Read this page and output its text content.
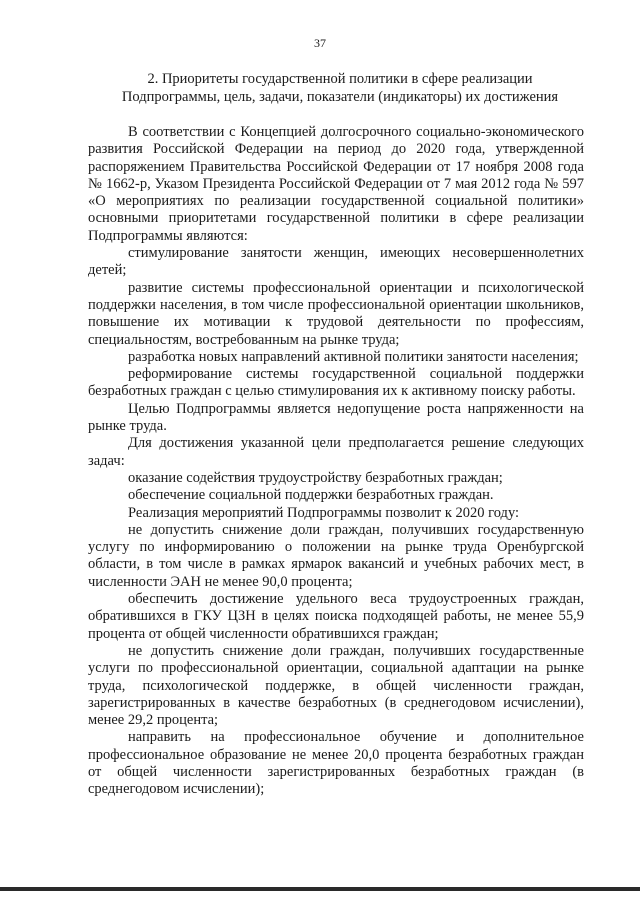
37
2. Приоритеты государственной политики в сфере реализации
Подпрограммы, цель, задачи, показатели (индикаторы) их достижения

В соответствии с Концепцией долгосрочного социально-экономического развития Российской Федерации на период до 2020 года, утвержденной распоряжением Правительства Российской Федерации от 17 ноября 2008 года № 1662-р, Указом Президента Российской Федерации от 7 мая 2012 года № 597 «О мероприятиях по реализации государственной социальной политики» основными приоритетами государственной политики в сфере реализации Подпрограммы являются:

стимулирование занятости женщин, имеющих несовершеннолетних детей;

развитие системы профессиональной ориентации и психологической поддержки населения, в том числе профессиональной ориентации школьников, повышение их мотивации к трудовой деятельности по профессиям, специальностям, востребованным на рынке труда;

разработка новых направлений активной политики занятости населения;

реформирование системы государственной социальной поддержки безработных граждан с целью стимулирования их к активному поиску работы.

Целью Подпрограммы является недопущение роста напряженности на рынке труда.

Для достижения указанной цели предполагается решение следующих задач:

оказание содействия трудоустройству безработных граждан;

обеспечение социальной поддержки безработных граждан.

Реализация мероприятий Подпрограммы позволит к 2020 году:

не допустить снижение доли граждан, получивших государственную услугу по информированию о положении на рынке труда Оренбургской области, в том числе в рамках ярмарок вакансий и учебных рабочих мест, в численности ЭАН не менее 90,0 процента;

обеспечить достижение удельного веса трудоустроенных граждан, обратившихся в ГКУ ЦЗН в целях поиска подходящей работы, не менее 55,9 процента от общей численности обратившихся граждан;

не допустить снижение доли граждан, получивших государственные услуги по профессиональной ориентации, социальной адаптации на рынке труда, психологической поддержке, в общей численности граждан, зарегистрированных в качестве безработных (в среднегодовом исчислении), менее 29,2 процента;

направить на профессиональное обучение и дополнительное профессиональное образование не менее 20,0 процента безработных граждан от общей численности зарегистрированных безработных граждан (в среднегодовом исчислении);
